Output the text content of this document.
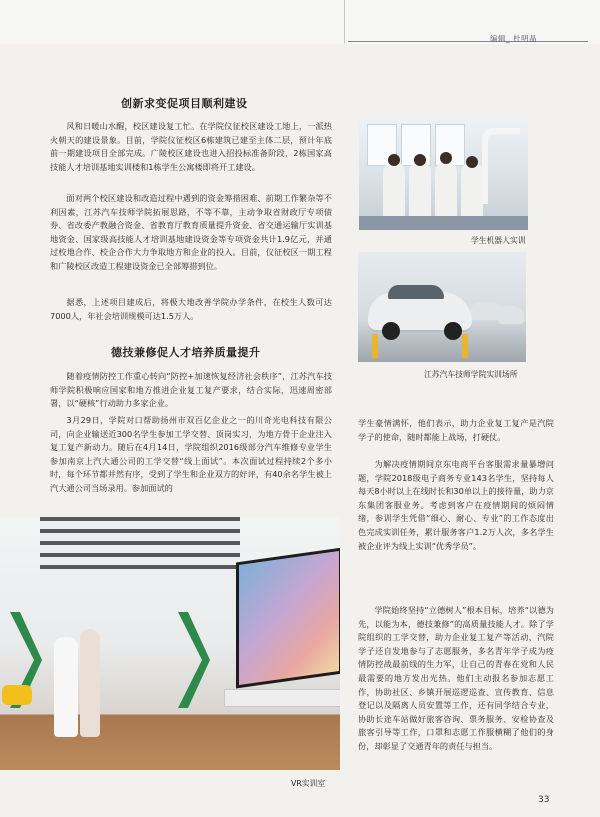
编辑_ 杜明晶
创新求变促项目顺利建设

风和日暖山水醒，校区建设复工忙。在学院仪征校区建设工地上，一派热火朝天的建设景象。目前，学院仪征校区6栋建筑已建至主体二层，预计年底前一期建设项目全部完成。广陵校区建设也进入招投标准备阶段，2栋国家高技能人才培训基地实训楼和1栋学生公寓楼即将开工建设。

面对两个校区建设和改造过程中遇到的资金筹措困难、前期工作繁杂等不利因素，江苏汽车技师学院拓展思路，不等不靠，主动争取省财政厅专项债券、省改委产教融合资金、省教育厅教育质量提升资金、省交通运输厅实训基地资金、国家级高技能人才培训基地建设资金等专项资金共计1.9亿元，并通过校地合作、校企合作大力争取地方和企业的投入。目前，仪征校区一期工程和广陵校区改造工程建设资金已全部筹措到位。

据悉，上述项目建成后，将极大地改善学院办学条件，在校生人数可达7000人，年社会培训规模可达1.5万人。

德技兼修促人才培养质量提升

随着疫情防控工作重心转向“防控+加速恢复经济社会秩序”，江苏汽车技师学院积极响应国家和地方推进企业复工复产要求，结合实际，迅速周密部署，以“硬核”行动助力多家企业。

3月29日，学院对口帮助扬州市双百亿企业之一的川奇光电科技有限公司，向企业输送近300名学生参加工学交替、顶岗实习，为地方骨干企业注入复工复产新动力。随后在4月14日，学院组织2016级部分汽车维修专业学生参加南京上汽大通公司的工学交替“线上面试”。本次面试过程持续2个多小时，每个环节都井然有序，受到了学生和企业双方的好评，有40余名学生被上汽大通公司当场录用。参加面试的

学生机器人实训
江苏汽车技师学院实训场所

学生豪情满怀，他们表示，助力企业复工复产是汽院学子的使命，随时都能上战场，打硬仗。

为解决疫情期间京东电商平台客服需求量暴增问题，学院2018级电子商务专业143名学生，坚持每人每天8小时以上在线时长和30单以上的接待量，助力京东集团客服业务。考虑到客户在疫情期间的烦闷情绪，参训学生凭借“细心、耐心、专业”的工作态度出色完成实训任务，累计服务客户1.2万人次，多名学生被企业评为线上实训“优秀学员”。

学院始终坚持“立德树人”根本目标，培养“以德为先，以能为本，德技兼修”的高质量技能人才。除了学院组织的工学交替，助力企业复工复产等活动，汽院学子还自发地参与了志愿服务，多名青年学子成为疫情防控战最前线的生力军，让自己的青春在党和人民最需要的地方发出光热。他们主动报名参加志愿工作，协助社区、乡镇开展巡逻巡查、宣传教育、信息登记以及隔离人员安置等工作，还有同学结合专业，协助长途车站做好旅客咨询、票务服务、安检协查及旅客引导等工作，口罩和志愿工作服横糊了他们的身份，却彰显了交通青年的责任与担当。

VR实训室
33
